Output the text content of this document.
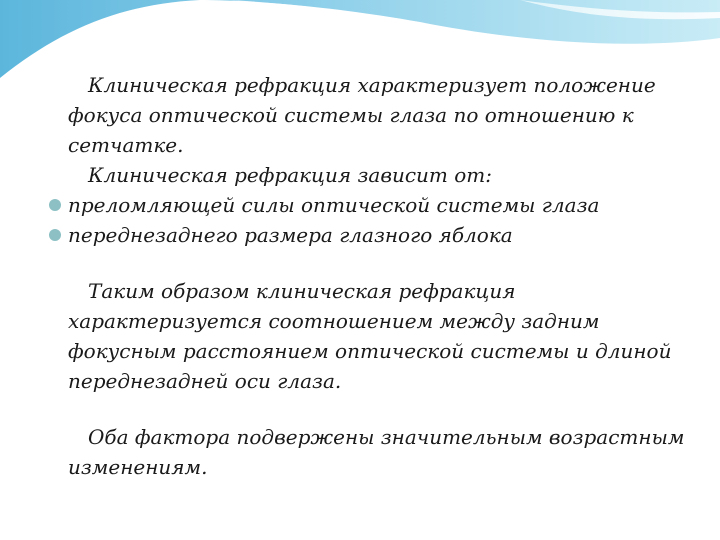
Клиническая рефракция характеризует положение фокуса оптической системы глаза по отношению к сетчатке.

Клиническая рефракция зависит от:

преломляющей силы оптической системы глаза

переднезаднего размера глазного яблока

Таким образом клиническая рефракция характеризуется соотношением между задним фокусным расстоянием оптической системы и длиной переднезадней оси глаза.

Оба фактора подвержены значительным возрастным изменениям.
